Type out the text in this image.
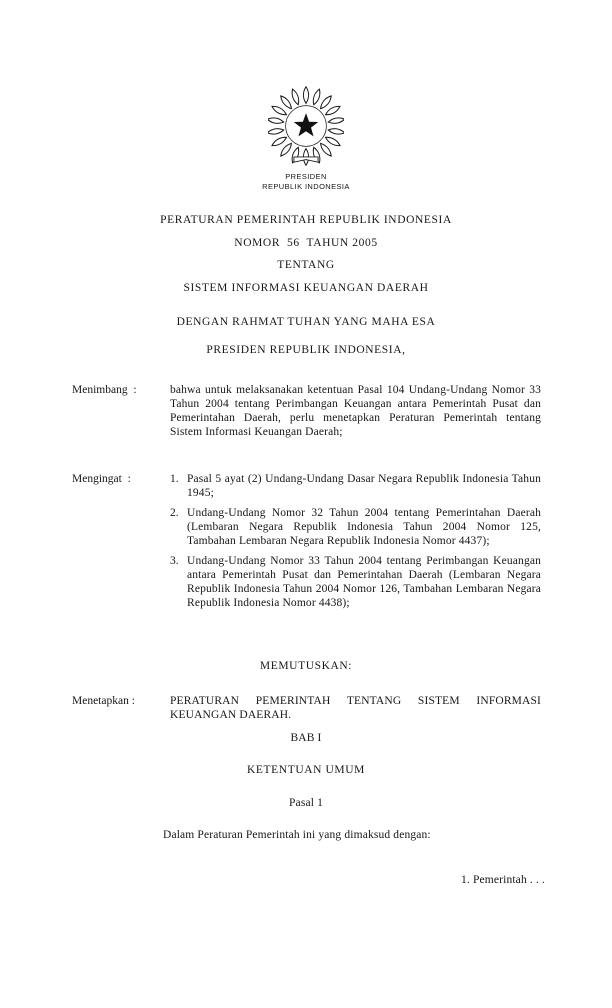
PRESIDEN
REPUBLIK INDONESIA
PERATURAN PEMERINTAH REPUBLIK INDONESIA
NOMOR  56  TAHUN 2005
TENTANG
SISTEM INFORMASI KEUANGAN DAERAH
DENGAN RAHMAT TUHAN YANG MAHA ESA
PRESIDEN REPUBLIK INDONESIA,
Menimbang  :	bahwa untuk melaksanakan ketentuan Pasal 104 Undang-Undang Nomor 33 Tahun 2004 tentang Perimbangan Keuangan antara Pemerintah Pusat dan Pemerintahan Daerah, perlu menetapkan Peraturan Pemerintah tentang Sistem Informasi Keuangan Daerah;
Mengingat  :	1. Pasal 5 ayat (2) Undang-Undang Dasar Negara Republik Indonesia Tahun 1945;
2. Undang-Undang Nomor 32 Tahun 2004 tentang Pemerintahan Daerah (Lembaran Negara Republik Indonesia Tahun 2004 Nomor 125, Tambahan Lembaran Negara Republik Indonesia Nomor 4437);
3. Undang-Undang Nomor 33 Tahun 2004 tentang Perimbangan Keuangan antara Pemerintah Pusat dan Pemerintahan Daerah (Lembaran Negara Republik Indonesia Tahun 2004 Nomor 126, Tambahan Lembaran Negara Republik Indonesia Nomor 4438);
MEMUTUSKAN:
Menetapkan :	PERATURAN PEMERINTAH TENTANG SISTEM INFORMASI KEUANGAN DAERAH.
BAB I
KETENTUAN UMUM
Pasal 1
Dalam Peraturan Pemerintah ini yang dimaksud dengan:
1. Pemerintah . . .
